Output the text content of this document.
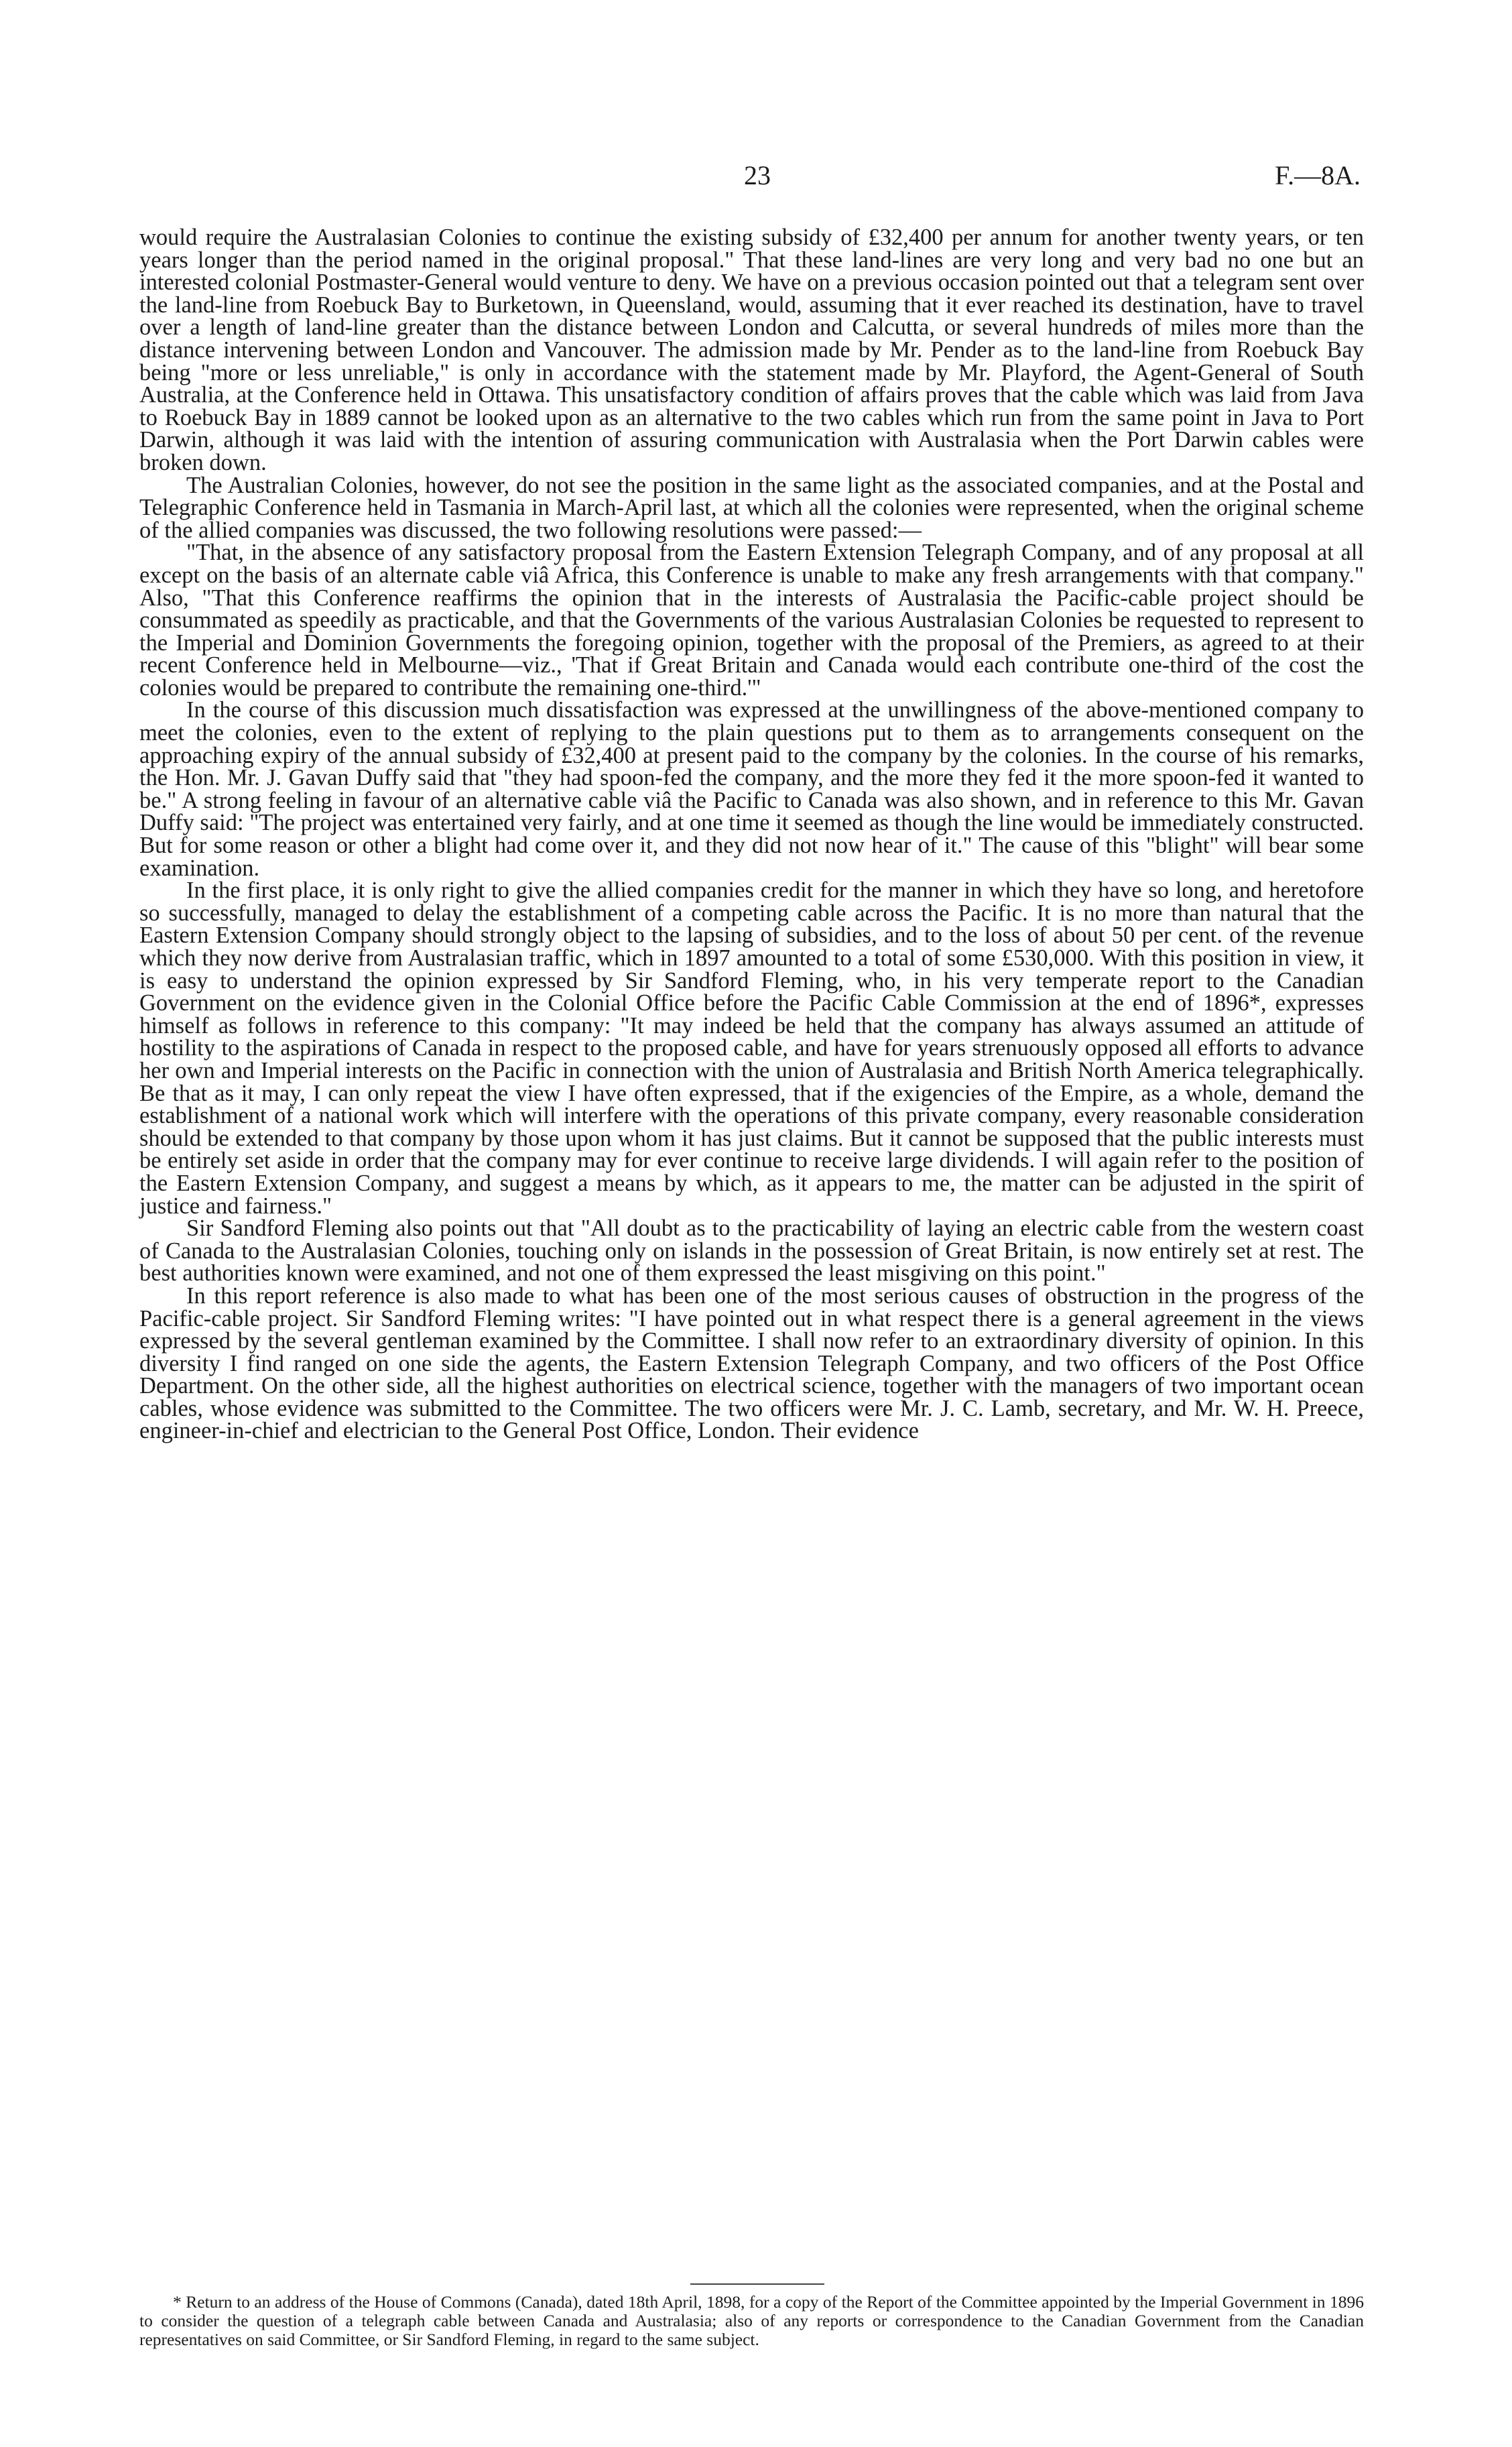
23	F.—8A.

would require the Australasian Colonies to continue the existing subsidy of £32,400 per annum for another twenty years, or ten years longer than the period named in the original proposal." That these land-lines are very long and very bad no one but an interested colonial Postmaster-General would venture to deny. We have on a previous occasion pointed out that a telegram sent over the land-line from Roebuck Bay to Burketown, in Queensland, would, assuming that it ever reached its destination, have to travel over a length of land-line greater than the distance between London and Calcutta, or several hundreds of miles more than the distance intervening between London and Vancouver. The admission made by Mr. Pender as to the land-line from Roebuck Bay being "more or less unreliable," is only in accordance with the statement made by Mr. Playford, the Agent-General of South Australia, at the Conference held in Ottawa. This unsatisfactory condition of affairs proves that the cable which was laid from Java to Roebuck Bay in 1889 cannot be looked upon as an alternative to the two cables which run from the same point in Java to Port Darwin, although it was laid with the intention of assuring communication with Australasia when the Port Darwin cables were broken down.

The Australian Colonies, however, do not see the position in the same light as the associated companies, and at the Postal and Telegraphic Conference held in Tasmania in March-April last, at which all the colonies were represented, when the original scheme of the allied companies was discussed, the two following resolutions were passed:—

"That, in the absence of any satisfactory proposal from the Eastern Extension Telegraph Company, and of any proposal at all except on the basis of an alternate cable viâ Africa, this Conference is unable to make any fresh arrangements with that company." Also, "That this Conference reaffirms the opinion that in the interests of Australasia the Pacific-cable project should be consummated as speedily as practicable, and that the Governments of the various Australasian Colonies be requested to represent to the Imperial and Dominion Governments the foregoing opinion, together with the proposal of the Premiers, as agreed to at their recent Conference held in Melbourne—viz., 'That if Great Britain and Canada would each contribute one-third of the cost the colonies would be prepared to contribute the remaining one-third.'"

In the course of this discussion much dissatisfaction was expressed at the unwillingness of the above-mentioned company to meet the colonies, even to the extent of replying to the plain questions put to them as to arrangements consequent on the approaching expiry of the annual subsidy of £32,400 at present paid to the company by the colonies. In the course of his remarks, the Hon. Mr. J. Gavan Duffy said that "they had spoon-fed the company, and the more they fed it the more spoon-fed it wanted to be." A strong feeling in favour of an alternative cable viâ the Pacific to Canada was also shown, and in reference to this Mr. Gavan Duffy said: "The project was entertained very fairly, and at one time it seemed as though the line would be immediately constructed. But for some reason or other a blight had come over it, and they did not now hear of it." The cause of this "blight" will bear some examination.

In the first place, it is only right to give the allied companies credit for the manner in which they have so long, and heretofore so successfully, managed to delay the establishment of a competing cable across the Pacific. It is no more than natural that the Eastern Extension Company should strongly object to the lapsing of subsidies, and to the loss of about 50 per cent. of the revenue which they now derive from Australasian traffic, which in 1897 amounted to a total of some £530,000. With this position in view, it is easy to understand the opinion expressed by Sir Sandford Fleming, who, in his very temperate report to the Canadian Government on the evidence given in the Colonial Office before the Pacific Cable Commission at the end of 1896*, expresses himself as follows in reference to this company: "It may indeed be held that the company has always assumed an attitude of hostility to the aspirations of Canada in respect to the proposed cable, and have for years strenuously opposed all efforts to advance her own and Imperial interests on the Pacific in connection with the union of Australasia and British North America telegraphically. Be that as it may, I can only repeat the view I have often expressed, that if the exigencies of the Empire, as a whole, demand the establishment of a national work which will interfere with the operations of this private company, every reasonable consideration should be extended to that company by those upon whom it has just claims. But it cannot be supposed that the public interests must be entirely set aside in order that the company may for ever continue to receive large dividends. I will again refer to the position of the Eastern Extension Company, and suggest a means by which, as it appears to me, the matter can be adjusted in the spirit of justice and fairness."

Sir Sandford Fleming also points out that "All doubt as to the practicability of laying an electric cable from the western coast of Canada to the Australasian Colonies, touching only on islands in the possession of Great Britain, is now entirely set at rest. The best authorities known were examined, and not one of them expressed the least misgiving on this point."

In this report reference is also made to what has been one of the most serious causes of obstruction in the progress of the Pacific-cable project. Sir Sandford Fleming writes: "I have pointed out in what respect there is a general agreement in the views expressed by the several gentleman examined by the Committee. I shall now refer to an extraordinary diversity of opinion. In this diversity I find ranged on one side the agents, the Eastern Extension Telegraph Company, and two officers of the Post Office Department. On the other side, all the highest authorities on electrical science, together with the managers of two important ocean cables, whose evidence was submitted to the Committee. The two officers were Mr. J. C. Lamb, secretary, and Mr. W. H. Preece, engineer-in-chief and electrician to the General Post Office, London. Their evidence

* Return to an address of the House of Commons (Canada), dated 18th April, 1898, for a copy of the Report of the Committee appointed by the Imperial Government in 1896 to consider the question of a telegraph cable between Canada and Australasia; also of any reports or correspondence to the Canadian Government from the Canadian representatives on said Committee, or Sir Sandford Fleming, in regard to the same subject.
